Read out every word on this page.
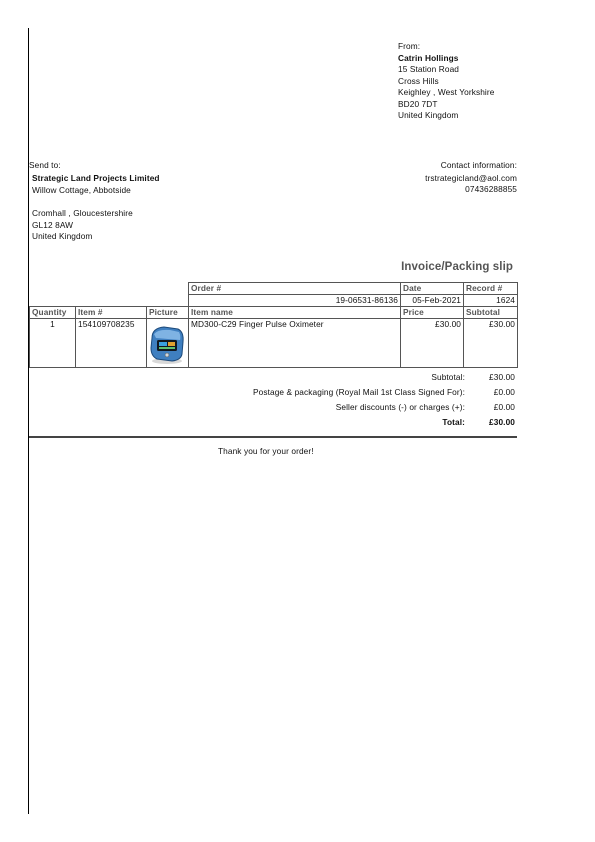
From:
Catrin Hollings
15 Station Road
Cross Hills
Keighley , West Yorkshire
BD20 7DT
United Kingdom
Send to:
Strategic Land Projects Limited
Willow Cottage, Abbotside
Cromhall , Gloucestershire
GL12 8AW
United Kingdom
Contact information:
trstrategicland@aol.com
07436288855
Invoice/Packing slip
			Order #	Date	Record #
			19-06531-86136	05-Feb-2021	1624
Quantity	Item #	Picture	Item name	Price	Subtotal
1	154109708235		MD300-C29 Finger Pulse Oximeter	£30.00	£30.00
Subtotal:	£30.00
Postage & packaging (Royal Mail 1st Class Signed For):	£0.00
Seller discounts (-) or charges (+):	£0.00
Total:	£30.00
Thank you for your order!
